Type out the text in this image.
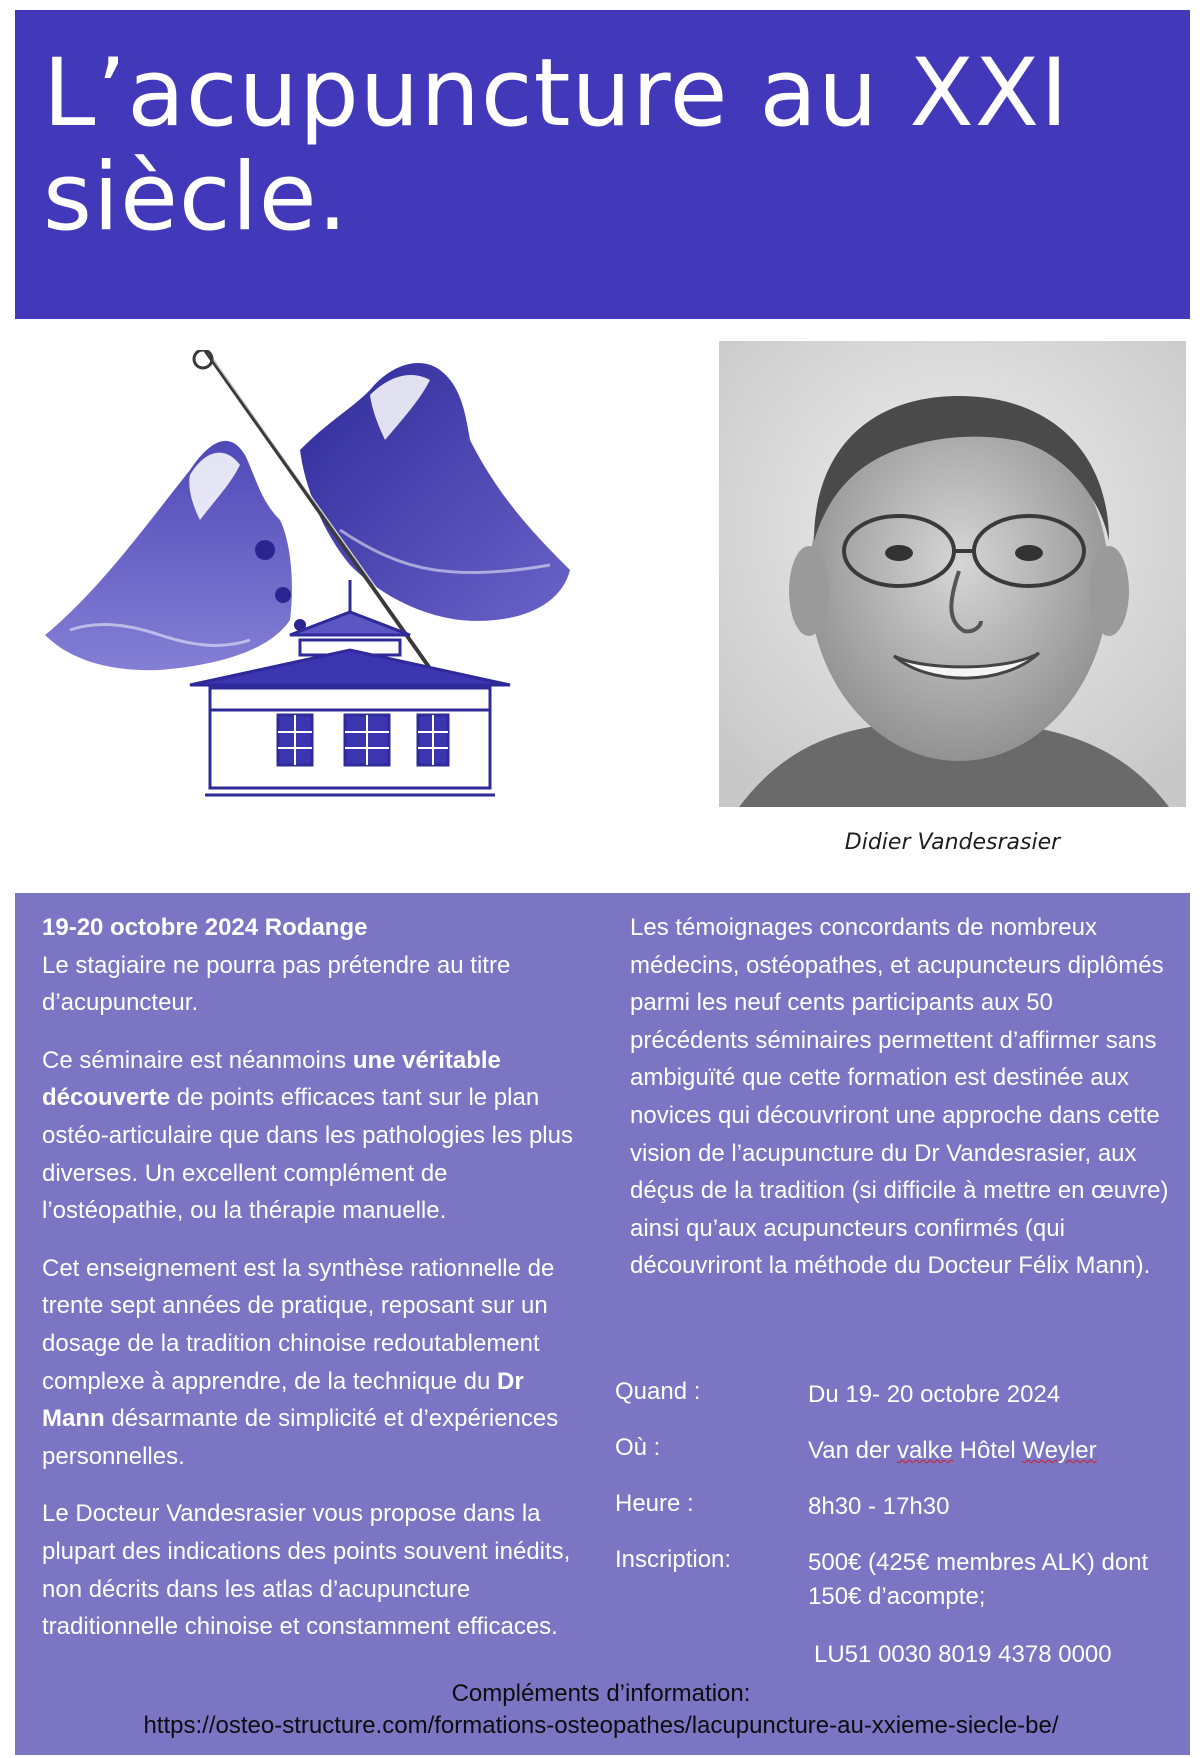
L’acupuncture au XXI siècle.
Didier Vandesrasier

19-20 octobre 2024 Rodange

Le stagiaire ne pourra pas prétendre au titre d’acupuncteur.

Ce séminaire est néanmoins une véritable découverte de points efficaces tant sur le plan ostéo-articulaire que dans les pathologies les plus diverses. Un excellent complément de l’ostéopathie, ou la thérapie manuelle.

Cet enseignement est la synthèse rationnelle de trente sept années de pratique, reposant sur un dosage de la tradition chinoise redoutablement complexe à apprendre, de la technique du Dr Mann désarmante de simplicité et d’expériences personnelles.

Le Docteur Vandesrasier vous propose dans la plupart des indications des points souvent inédits, non décrits dans les atlas d’acupuncture traditionnelle chinoise et constamment efficaces.

Les témoignages concordants de nombreux médecins, ostéopathes, et acupuncteurs diplômés parmi les neuf cents participants aux 50 précédents séminaires permettent d’affirmer sans ambiguïté que cette formation est destinée aux novices qui découvriront une approche dans cette vision de l’acupuncture du Dr Vandesrasier, aux déçus de la tradition (si difficile à mettre en œuvre) ainsi qu’aux acupuncteurs confirmés (qui découvriront la méthode du Docteur Félix Mann).

Quand :	Du 19- 20 octobre 2024
Où :	Van der valke Hôtel Weyler
Heure :	8h30 - 17h30
Inscription:	500€ (425€ membres ALK) dont 150€ d’acompte;
LU51 0030 8019 4378 0000
Compléments d’information:
https://osteo-structure.com/formations-osteopathes/lacupuncture-au-xxieme-siecle-be/
